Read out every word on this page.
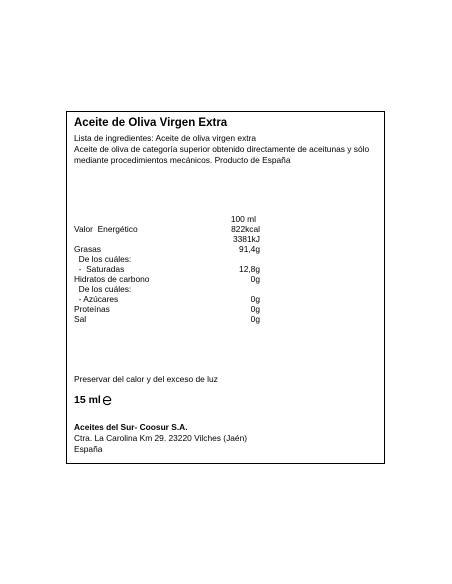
Aceite de Oliva Virgen Extra
Lista de ingredientes: Aceite de oliva virgen extra
Aceite de oliva de categoría superior obtenido directamente de aceitunas y sólo
mediante procedimientos mecánicos. Producto de España
100 ml
Valor  Energético	822kcal
3381kJ
Grasas	91,4g
De los cuáles:
-  Saturadas	12,8g
Hidratos de carbono	0g
De los cuáles:
- Azúcares	0g
Proteínas	0g
Sal	0g
Preservar del calor y del exceso de luz
15 ml
Aceites del Sur- Coosur S.A.
Ctra. La Carolina Km 29. 23220 Vilches (Jaén)
España
